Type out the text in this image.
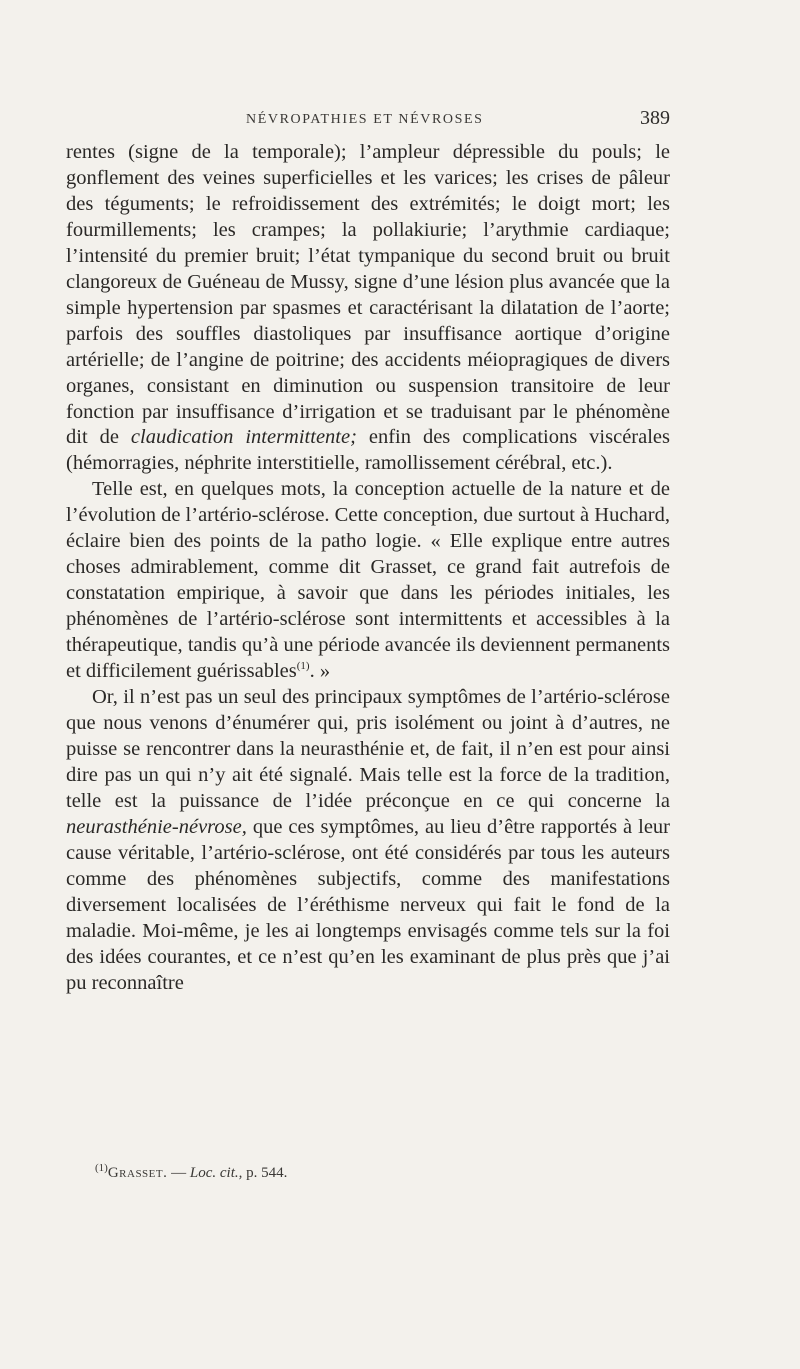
NÉVROPATHIES ET NÉVROSES	389

rentes (signe de la temporale); l’ampleur dépressible du pouls; le gonflement des veines superficielles et les varices; les crises de pâleur des téguments; le refroidissement des extrémités; le doigt mort; les fourmillements; les crampes; la pollakiurie; l’arythmie cardiaque; l’intensité du premier bruit; l’état tympanique du second bruit ou bruit clangoreux de Guéneau de Mussy, signe d’une lésion plus avancée que la simple hypertension par spasmes et caractérisant la dilatation de l’aorte; parfois des souffles diastoliques par insuffisance aortique d’origine artérielle; de l’angine de poitrine; des accidents méiopragiques de divers organes, consistant en diminution ou suspension transitoire de leur fonction par insuffisance d’irrigation et se traduisant par le phénomène dit de claudication intermittente; enfin des complications viscérales (hémorragies, néphrite interstitielle, ramollissement cérébral, etc.).

Telle est, en quelques mots, la conception actuelle de la nature et de l’évolution de l’artério-sclérose. Cette conception, due surtout à Huchard, éclaire bien des points de la patho logie. « Elle explique entre autres choses admirablement, comme dit Grasset, ce grand fait autrefois de constatation empirique, à savoir que dans les périodes initiales, les phénomènes de l’artério-sclérose sont intermittents et accessibles à la thérapeutique, tandis qu’à une période avancée ils deviennent permanents et difficilement guérissables$^{(1)}$. »

Or, il n’est pas un seul des principaux symptômes de l’artério-sclérose que nous venons d’énumérer qui, pris isolément ou joint à d’autres, ne puisse se rencontrer dans la neurasthénie et, de fait, il n’en est pour ainsi dire pas un qui n’y ait été signalé. Mais telle est la force de la tradition, telle est la puissance de l’idée préconçue en ce qui concerne la neurasthénie-névrose, que ces symptômes, au lieu d’être rapportés à leur cause véritable, l’artério-sclérose, ont été considérés par tous les auteurs comme des phénomènes subjectifs, comme des manifestations diversement localisées de l’éréthisme nerveux qui fait le fond de la maladie. Moi-même, je les ai longtemps envisagés comme tels sur la foi des idées courantes, et ce n’est qu’en les examinant de plus près que j’ai pu reconnaître

$^{(1)}$Grasset. — Loc. cit., p. 544.
